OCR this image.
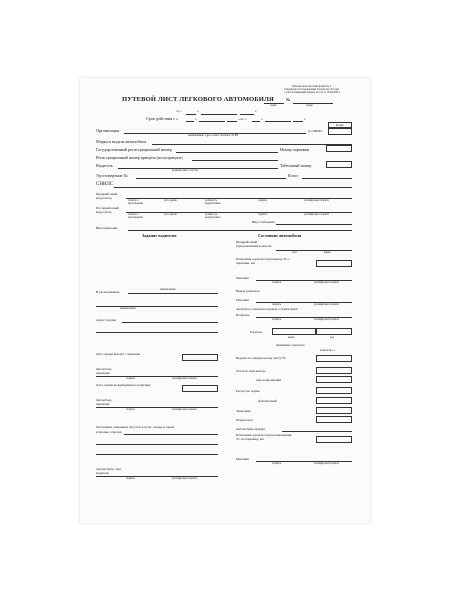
Типовая межотраслевая форма № 3
Утверждена постановлением Госкомстата России
с учетом изменений приказа № 152 от 18.09.2008 г.
ПУТЕВОЙ ЛИСТ ЛЕГКОВОГО АВТОМОБИЛЯ	№
серия	номер
от «	»	г.
Срок действия с «	»	» по «	»	г.
Коды
по ОКПО
Организация
наименование, адрес, номер телефона, ОГРН
Марка и модель автомобиля
Государственный регистрационный номер	Номер парковки
Регистрационный номер прицепа (полуприцепа)
Водитель
фамилия, имя, отчество
Табельный номер
Удостоверение №	Класс
СНИЛС
Предрейсовый медосмотр
отметка о прохождении
дата, время	должность медработника
подпись	расшифровка подписи
Послерейсовый медосмотр
отметка о прохождении
дата, время	должность медработника
подпись	расшифровка подписи
Вид сообщения
Вид перевозки
Задание водителю	Состояние автомобиля
В распоряжение
наименование
наименование
Адрес подачи
Дата, время выезда с парковки
Диспетчер-нарядчик
подпись	расшифровка подписи
Дата, время возвращения на парковку
Диспетчер-нарядчик
подпись	расшифровка подписи
Опоздания, ожидания, простои в пути, заезды в гараж
и прочие отметки
Автомобиль сдал водитель
подпись	расшифровка подписи
Предрейсовый (предсменный) контроль
дата	время
Показания одометра при выезде ТС с парковки, км
Механик
подпись	расшифровка подписи
Выезд разрешен
Механик
подпись	расшифровка подписи
Автомобиль в технически исправном состоянии принял
Водитель
подпись	расшифровка подписи
Горючее
марка	код
Движение горючего
количество, л
Выдано по заправочному листу №
Остаток: при выезде
при возвращении
Расход по норме
фактический
Экономия
Перерасход
Автомобиль принял
Показания одометра при возвращении ТС на парковку, км
Механик
подпись	расшифровка подписи
